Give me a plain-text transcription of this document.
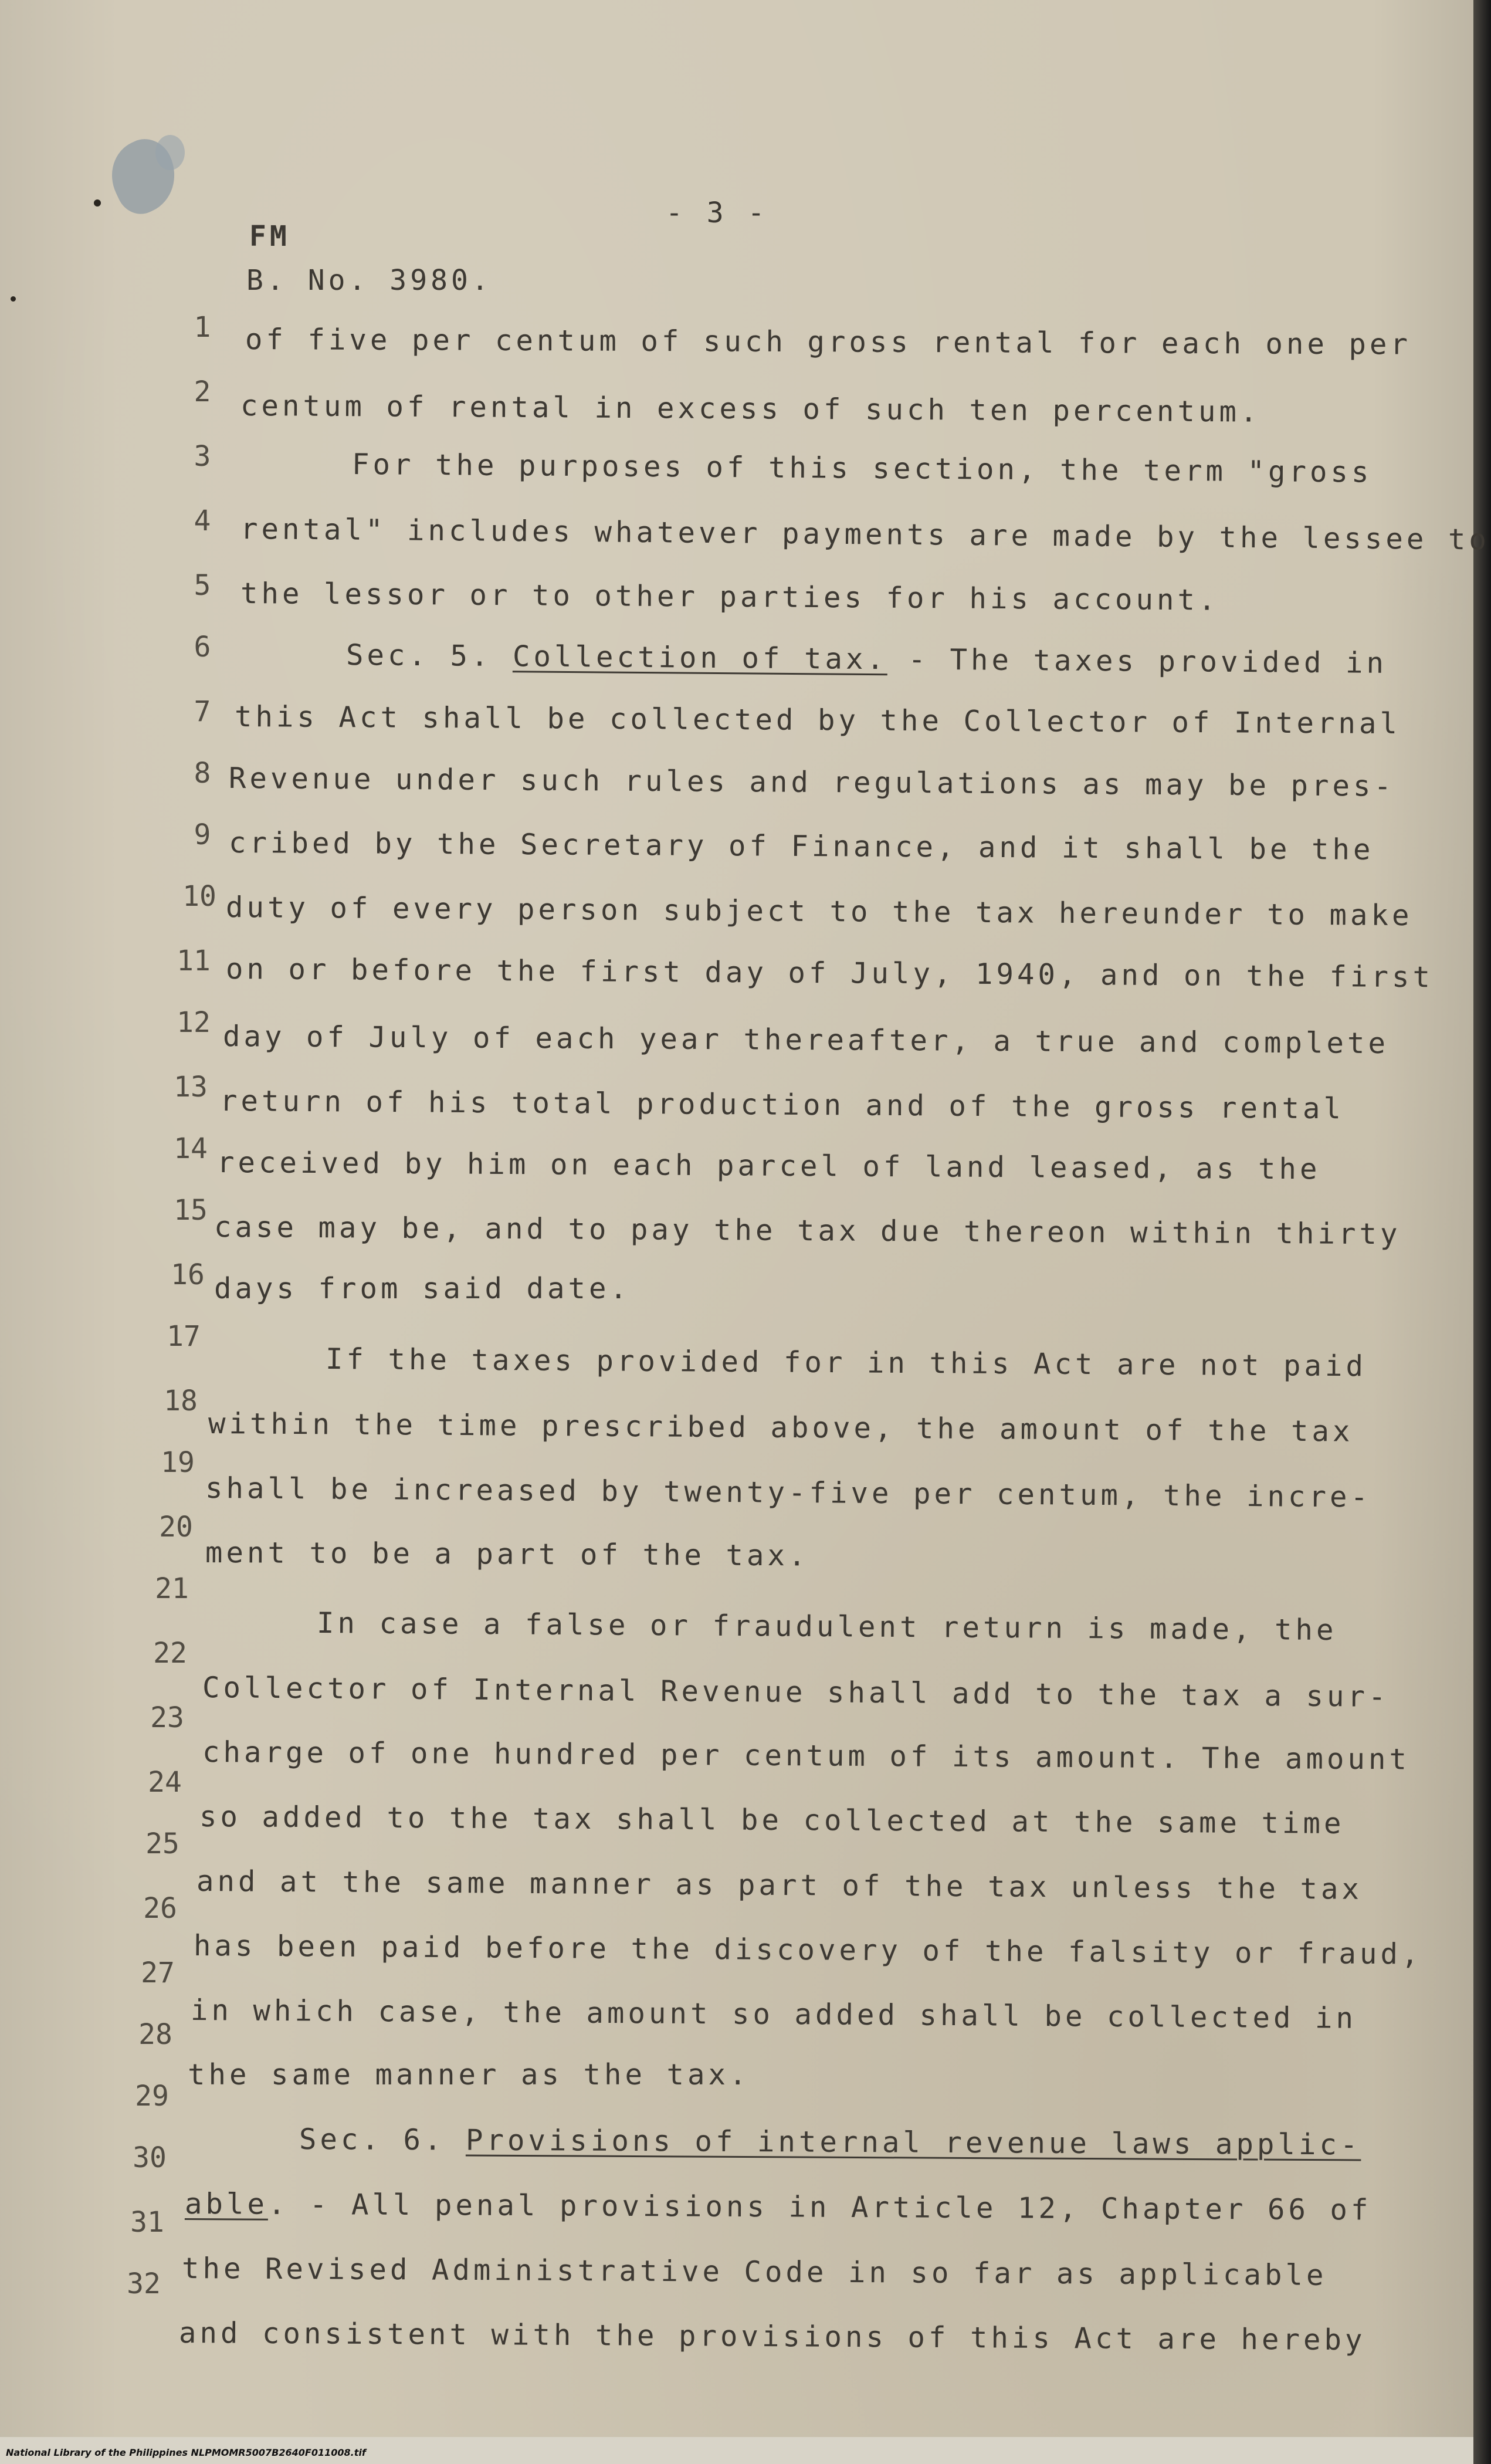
- 3 -
FM
B. No. 3980.
1
2
3
4
5
6
7
8
9
10
11
12
13
14
15
16
17
18
19
20
21
22
23
24
25
26
27
28
29
30
31
32
of five per centum of such gross rental for each one per
centum of rental in excess of such ten percentum.
For the purposes of this section, the term "gross
rental" includes whatever payments are made by the lessee to
the lessor or to other parties for his account.
Sec. 5. Collection of tax. - The taxes provided in
this Act shall be collected by the Collector of Internal
Revenue under such rules and regulations as may be pres-
cribed by the Secretary of Finance, and it shall be the
duty of every person subject to the tax hereunder to make
on or before the first day of July, 1940, and on the first
day of July of each year thereafter, a true and complete
return of his total production and of the gross rental
received by him on each parcel of land leased, as the
case may be, and to pay the tax due thereon within thirty
days from said date.
If the taxes provided for in this Act are not paid
within the time prescribed above, the amount of the tax
shall be increased by twenty-five per centum, the incre-
ment to be a part of the tax.
In case a false or fraudulent return is made, the
Collector of Internal Revenue shall add to the tax a sur-
charge of one hundred per centum of its amount. The amount
so added to the tax shall be collected at the same time
and at the same manner as part of the tax unless the tax
has been paid before the discovery of the falsity or fraud,
in which case, the amount so added shall be collected in
the same manner as the tax.
Sec. 6. Provisions of internal revenue laws applic-
able. - All penal provisions in Article 12, Chapter 66 of
the Revised Administrative Code in so far as applicable
and consistent with the provisions of this Act are hereby
National Library of the Philippines NLPMOMR5007B2640F011008.tif
